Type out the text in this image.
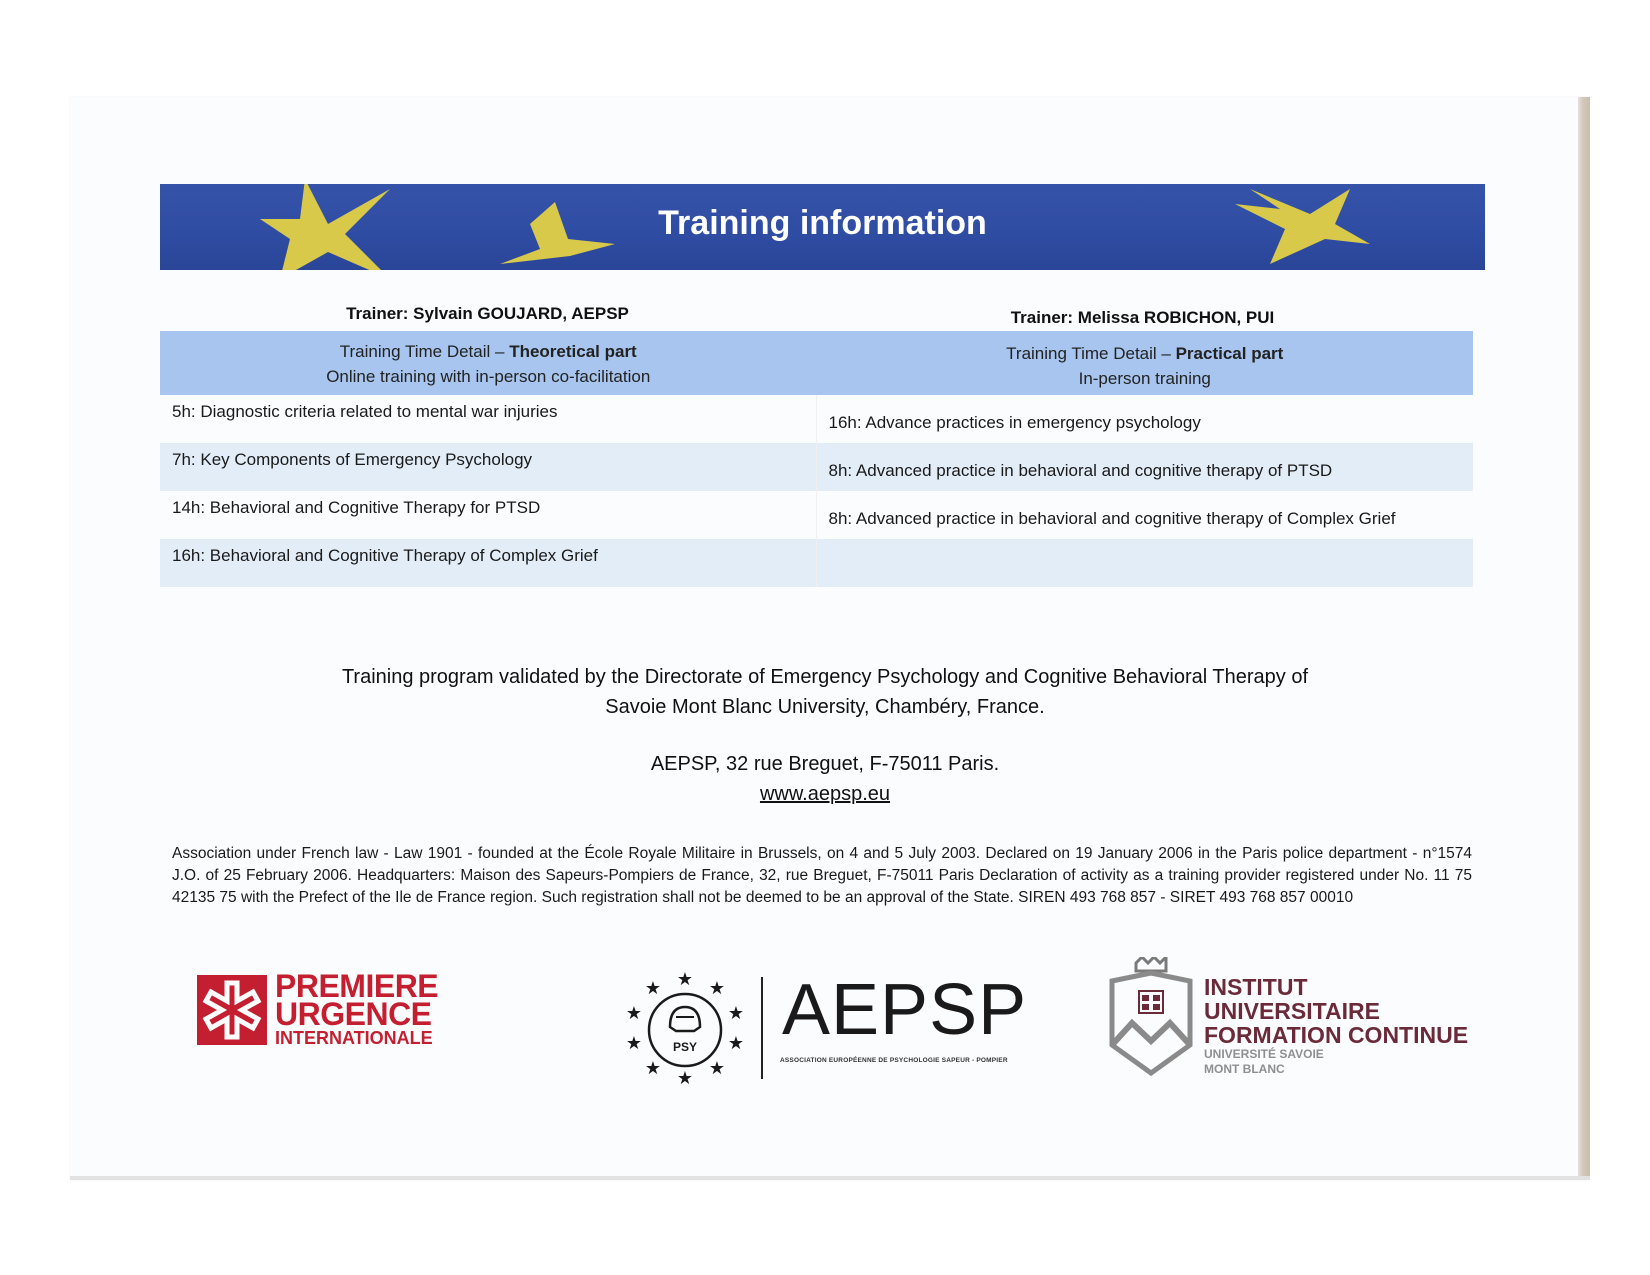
Training information
Trainer: Sylvain GOUJARD, AEPSP	Trainer: Melissa ROBICHON, PUI
Training Time Detail – Theoretical part
Online training with in-person co-facilitation
Training Time Detail – Practical part
In-person training
5h: Diagnostic criteria related to mental war injuries
16h: Advance practices in emergency psychology
7h: Key Components of Emergency Psychology
8h: Advanced practice in behavioral and cognitive therapy of PTSD
14h: Behavioral and Cognitive Therapy for PTSD
8h: Advanced practice in behavioral and cognitive therapy of Complex Grief
16h: Behavioral and Cognitive Therapy of Complex Grief
Training program validated by the Directorate of Emergency Psychology and Cognitive Behavioral Therapy of
Savoie Mont Blanc University, Chambéry, France.
AEPSP, 32 rue Breguet, F-75011 Paris.
www.aepsp.eu
Association under French law - Law 1901 - founded at the École Royale Militaire in Brussels, on 4 and 5 July 2003. Declared on 19 January 2006 in the Paris police department - n°1574 J.O. of 25 February 2006. Headquarters: Maison des Sapeurs-Pompiers de France, 32, rue Breguet, F-75011 Paris Declaration of activity as a training provider registered under No. 11 75 42135 75 with the Prefect of the Ile de France region. Such registration shall not be deemed to be an approval of the State. SIREN 493 768 857 - SIRET 493 768 857 00010
PREMIERE
URGENCE
INTERNATIONALE
★ ★
★
★
★
★
★
★
★
★
PSY AEPSP
ASSOCIATION EUROPÉENNE DE PSYCHOLOGIE SAPEUR - POMPIER
INSTITUT
UNIVERSITAIRE
FORMATION CONTINUE
UNIVERSITÉ SAVOIE
MONT BLANC
